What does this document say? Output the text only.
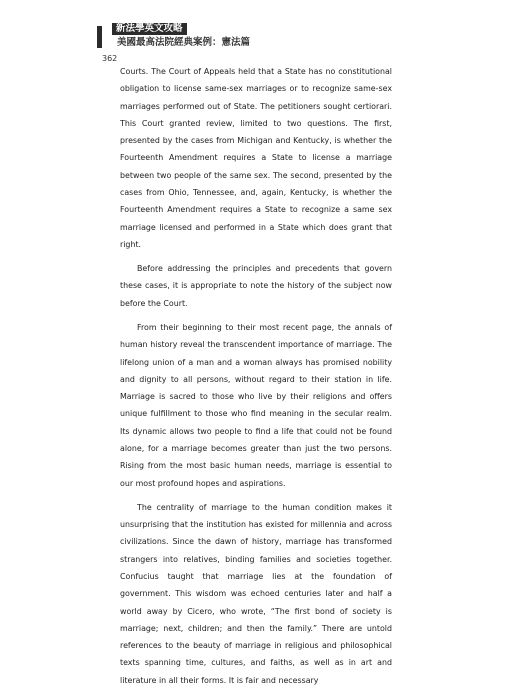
新法學英文攻略
美國最高法院經典案例：憲法篇
362

Courts. The Court of Appeals held that a State has no constitutional obligation to license same-sex marriages or to recognize same-sex marriages performed out of State. The petitioners sought certiorari. This Court granted review, limited to two questions. The first, presented by the cases from Michigan and Kentucky, is whether the Fourteenth Amendment requires a State to license a marriage between two people of the same sex. The second, presented by the cases from Ohio, Tennessee, and, again, Kentucky, is whether the Fourteenth Amendment requires a State to recognize a same sex marriage licensed and performed in a State which does grant that right.

Before addressing the principles and precedents that govern these cases, it is appropriate to note the history of the subject now before the Court.

From their beginning to their most recent page, the annals of human history reveal the transcendent importance of marriage. The lifelong union of a man and a woman always has promised nobility and dignity to all persons, without regard to their station in life. Marriage is sacred to those who live by their religions and offers unique fulfillment to those who find meaning in the secular realm. Its dynamic allows two people to find a life that could not be found alone, for a marriage becomes greater than just the two persons. Rising from the most basic human needs, marriage is essential to our most profound hopes and aspirations.

The centrality of marriage to the human condition makes it unsurprising that the institution has existed for millennia and across civilizations. Since the dawn of history, marriage has transformed strangers into relatives, binding families and societies together. Confucius taught that marriage lies at the foundation of government. This wisdom was echoed centuries later and half a world away by Cicero, who wrote, “The first bond of society is marriage; next, children; and then the family.” There are untold references to the beauty of marriage in religious and philosophical texts spanning time, cultures, and faiths, as well as in art and literature in all their forms. It is fair and necessary
